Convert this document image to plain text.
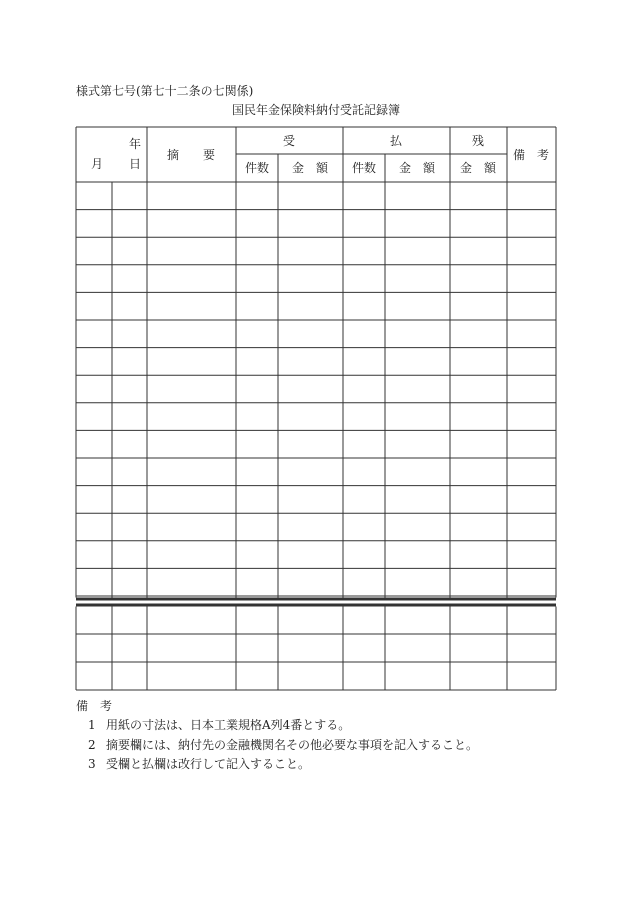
様式第七号(第七十二条の七関係)
国民年金保険料納付受託記録簿
年
月 日
摘　　要
受	払	残
備　考
件数 金　額 件数 金　額 金　額
備　考
1 用紙の寸法は、日本工業規格A列4番とする。
2 摘要欄には、納付先の金融機関名その他必要な事項を記入すること。
3 受欄と払欄は改行して記入すること。
